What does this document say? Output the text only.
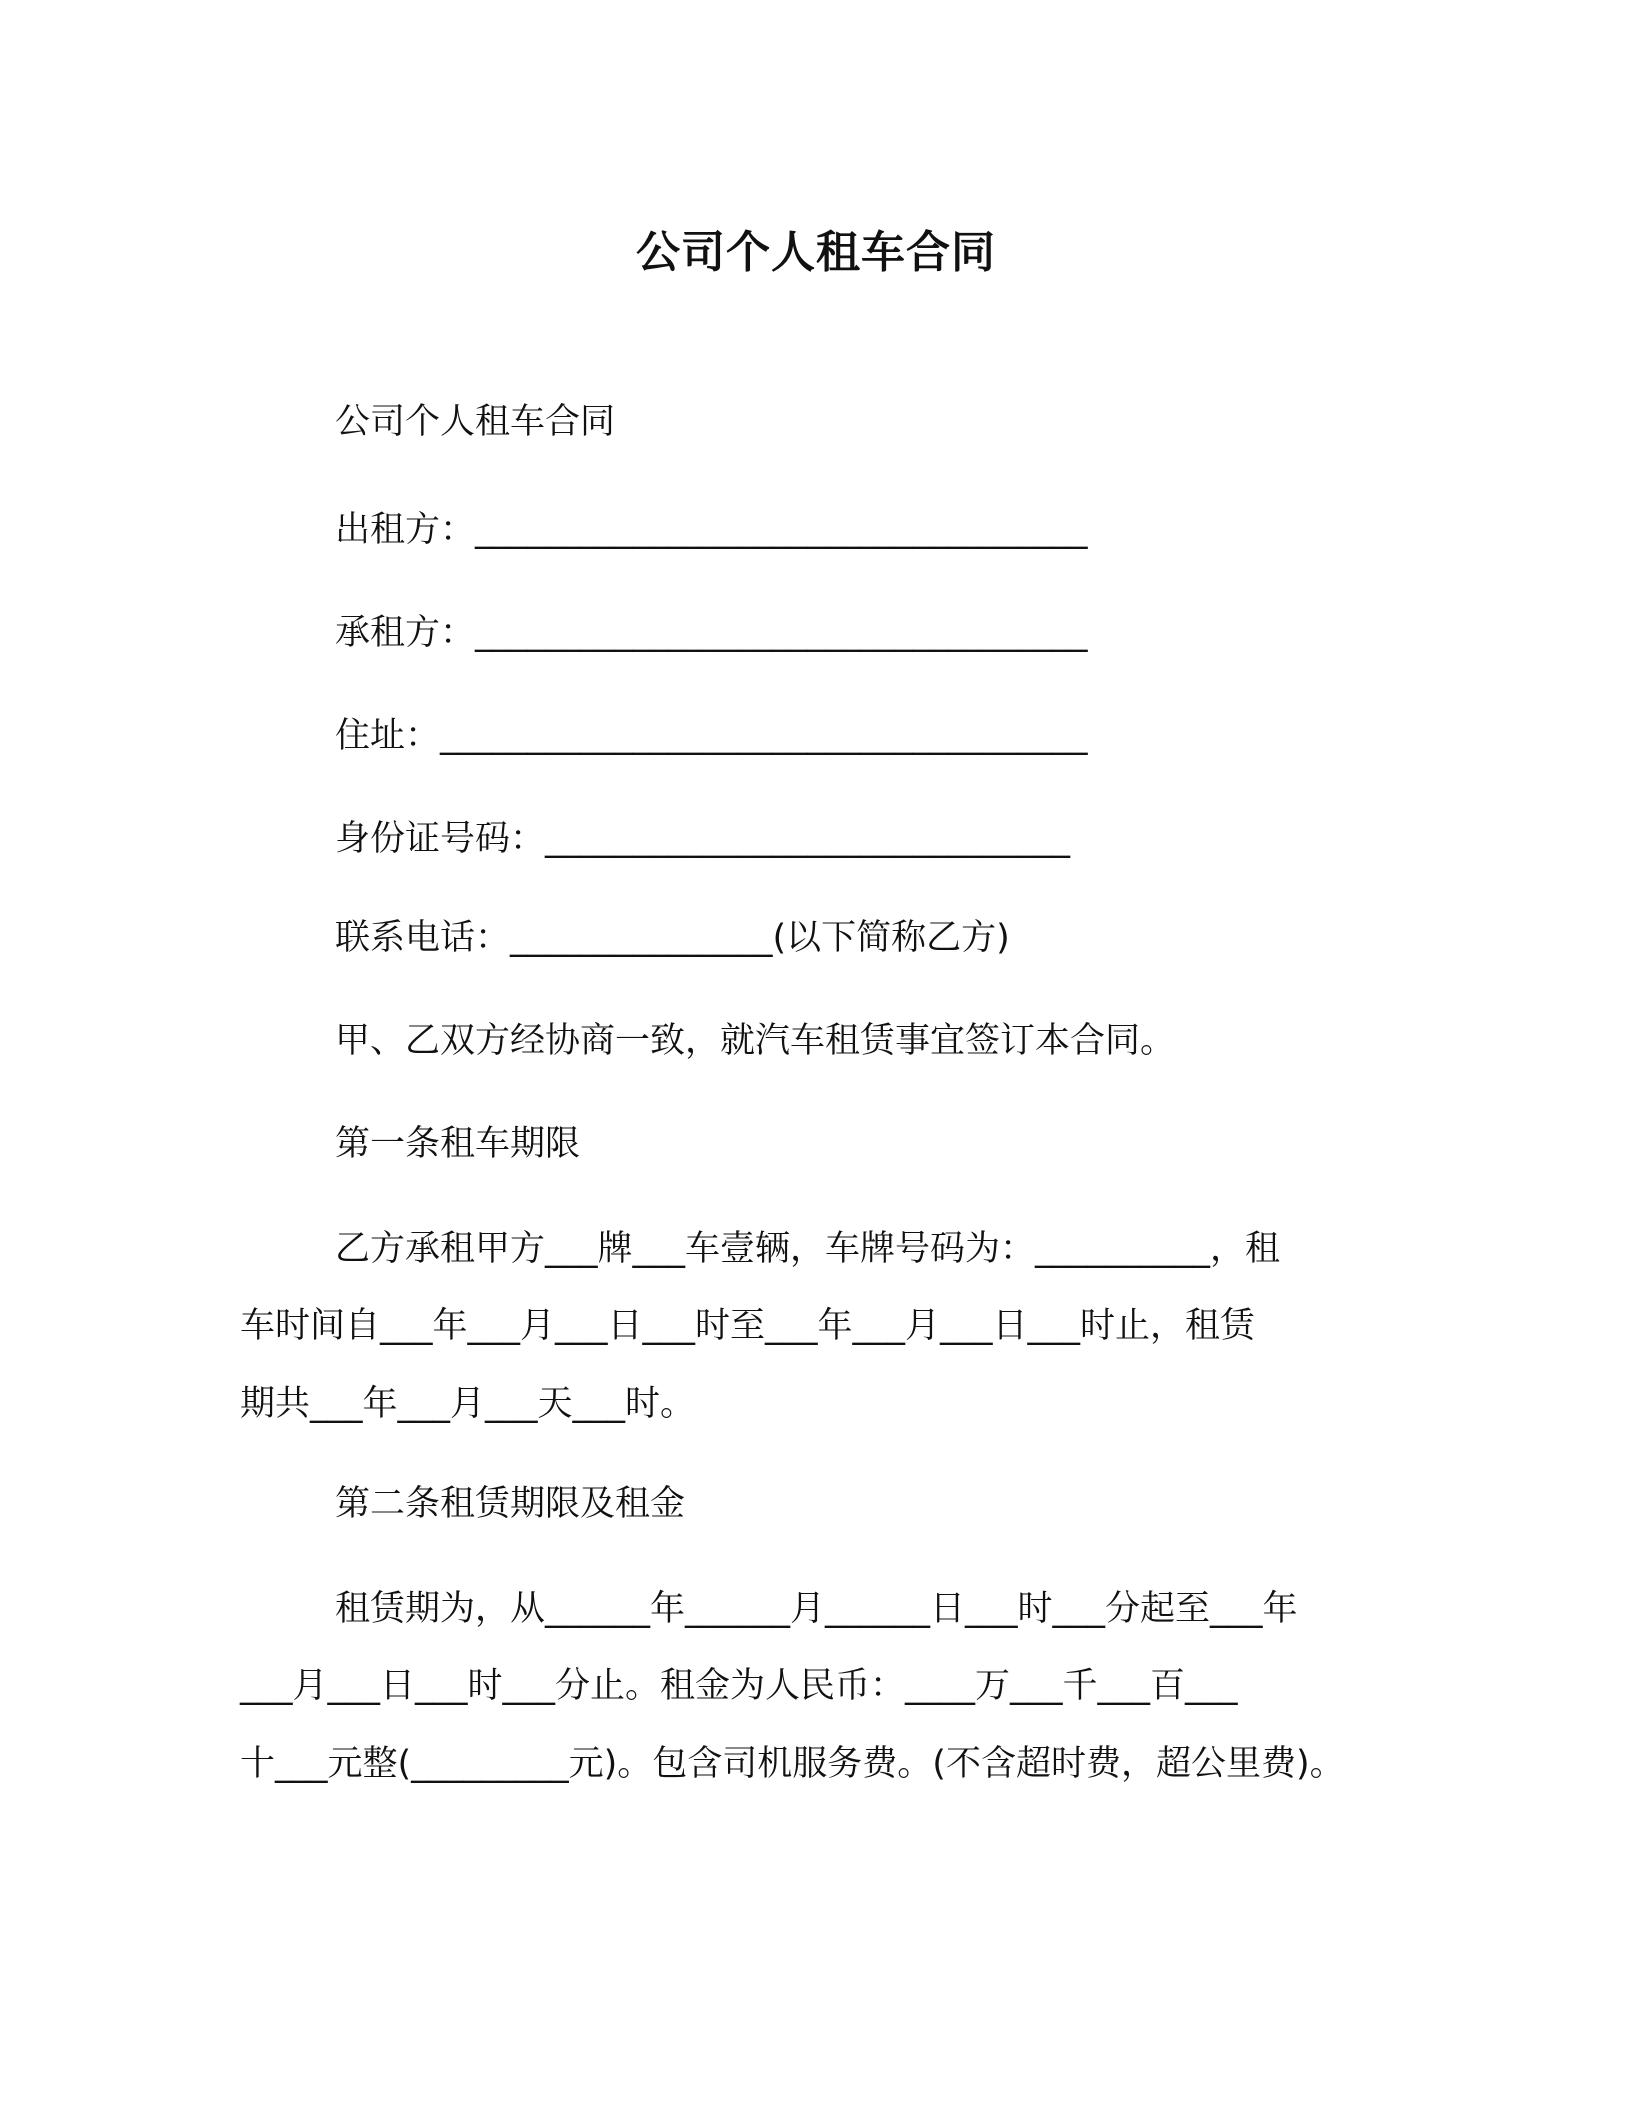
公司个人租车合同

公司个人租车合同

出租方：___________________________________

承租方：___________________________________

住址：_____________________________________

身份证号码：______________________________

联系电话：_______________(以下简称乙方)

甲、乙双方经协商一致，就汽车租赁事宜签订本合同。

第一条租车期限

乙方承租甲方___牌___车壹辆，车牌号码为：__________，租

车时间自___年___月___日___时至___年___月___日___时止，租赁

期共___年___月___天___时。

第二条租赁期限及租金

租赁期为，从______年______月______日___时___分起至___年

___月___日___时___分止。租金为人民币：____万___千___百___

十___元整(_________元)。包含司机服务费。(不含超时费，超公里费)。
